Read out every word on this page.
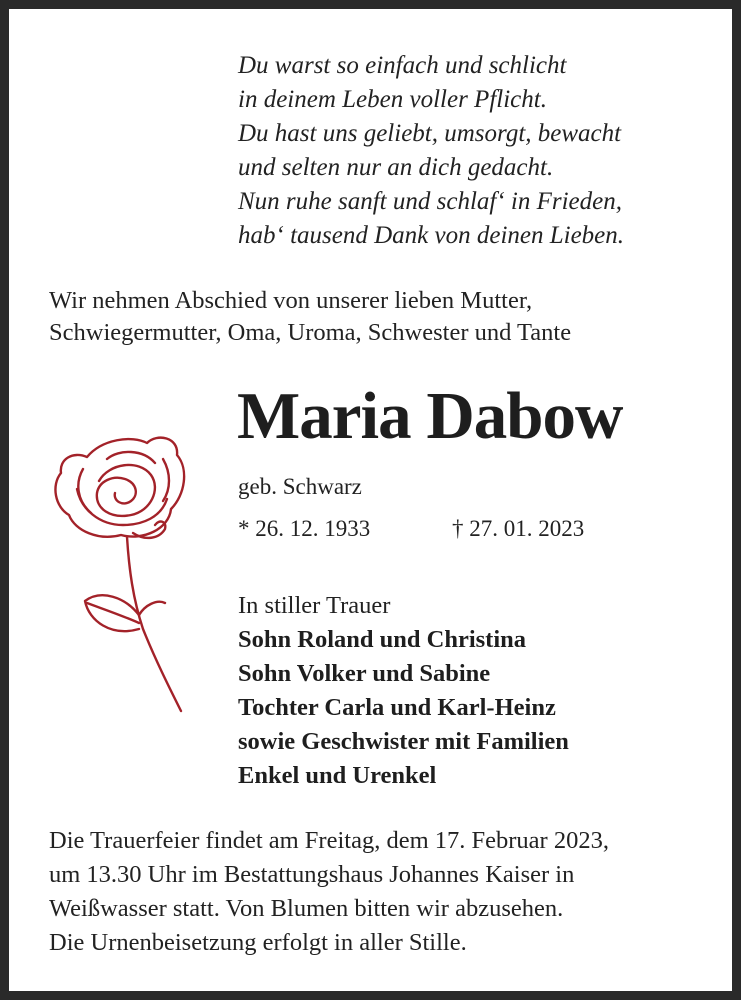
Du warst so einfach und schlicht
in deinem Leben voller Pflicht.
Du hast uns geliebt, umsorgt, bewacht
und selten nur an dich gedacht.
Nun ruhe sanft und schlaf‘ in Frieden,
hab‘ tausend Dank von deinen Lieben.
Wir nehmen Abschied von unserer lieben Mutter,
Schwiegermutter, Oma, Uroma, Schwester und Tante
Maria Dabow
geb. Schwarz
* 26. 12. 1933	† 27. 01. 2023
In stiller Trauer
Sohn Roland und Christina
Sohn Volker und Sabine
Tochter Carla und Karl-Heinz
sowie Geschwister mit Familien
Enkel und Urenkel
Die Trauerfeier findet am Freitag, dem 17. Februar 2023,
um 13.30 Uhr im Bestattungshaus Johannes Kaiser in
Weißwasser statt. Von Blumen bitten wir abzusehen.
Die Urnenbeisetzung erfolgt in aller Stille.
